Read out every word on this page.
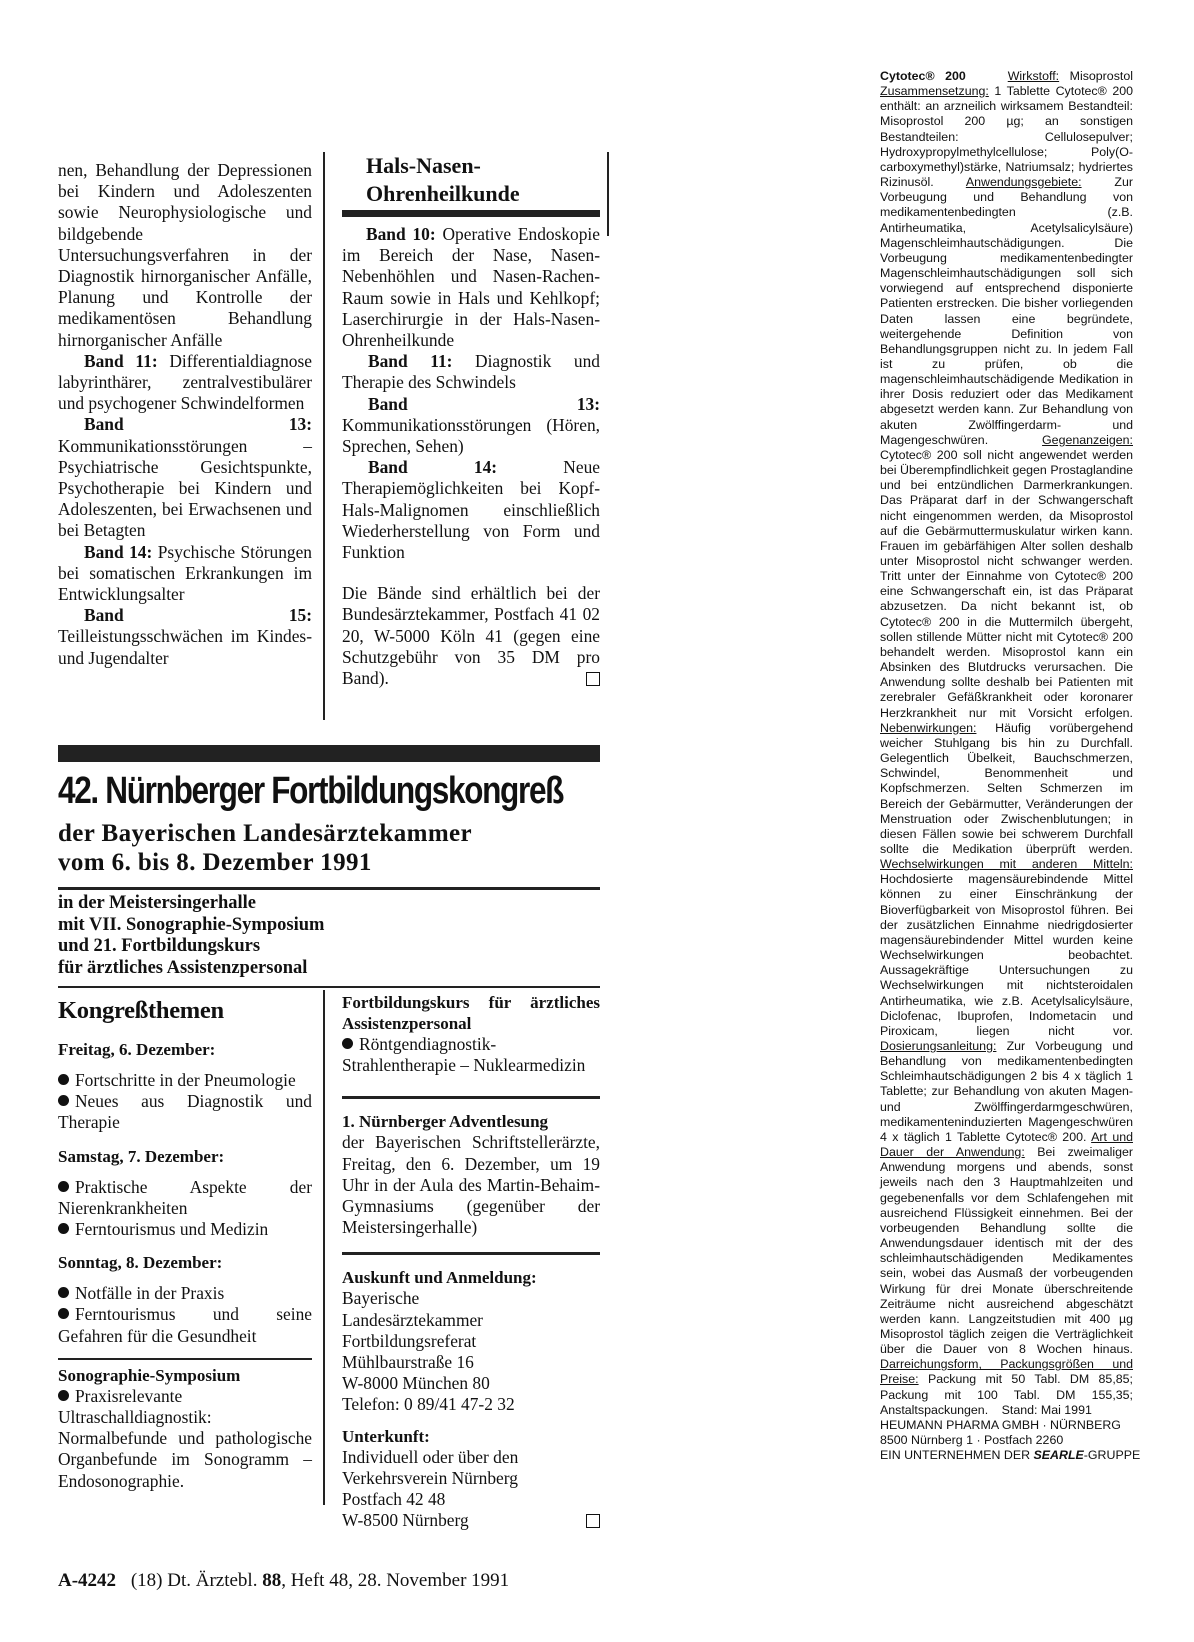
nen, Behandlung der Depressionen bei Kindern und Adoleszenten sowie Neurophysiologische und bildgebende Untersuchungsverfahren in der Diagnostik hirnorganischer Anfälle, Planung und Kontrolle der medikamentösen Behandlung hirnorganischer Anfälle

Band 11: Differentialdiagnose labyrinthärer, zentralvestibulärer und psychogener Schwindelformen

Band 13: Kommunikationsstörungen – Psychiatrische Gesichtspunkte, Psychotherapie bei Kindern und Adoleszenten, bei Erwachsenen und bei Betagten

Band 14: Psychische Störungen bei somatischen Erkrankungen im Entwicklungsalter

Band 15: Teilleistungsschwächen im Kindes- und Jugendalter

Hals-Nasen-
Ohrenheilkunde

Band 10: Operative Endoskopie im Bereich der Nase, Nasen-Nebenhöhlen und Nasen-Rachen-Raum sowie in Hals und Kehlkopf; Laserchirurgie in der Hals-Nasen-Ohrenheilkunde

Band 11: Diagnostik und Therapie des Schwindels

Band 13: Kommunikationsstörungen (Hören, Sprechen, Sehen)

Band 14:	Neue Therapiemöglichkeiten bei Kopf-Hals-Malignomen einschließlich Wiederherstellung von Form und Funktion

Die Bände sind erhältlich bei der Bundesärztekammer, Postfach 41 02 20, W-5000 Köln 41 (gegen eine Schutzgebühr von 35 DM pro Band).

42. Nürnberger Fortbildungskongreß
der Bayerischen Landesärztekammer
vom 6. bis 8. Dezember 1991
in der Meistersingerhalle
mit VII. Sonographie-Symposium
und 21. Fortbildungskurs
für ärztliches Assistenzpersonal
Kongreßthemen
Freitag, 6. Dezember:

Fortschritte in der Pneumologie

Neues aus Diagnostik und Therapie

Samstag, 7. Dezember:

Praktische Aspekte der Nierenkrankheiten

Ferntourismus und Medizin

Sonntag, 8. Dezember:

Notfälle in der Praxis

Ferntourismus und seine Gefahren für die Gesundheit

Sonographie-Symposium

Praxisrelevante Ultraschalldiagnostik: Normalbefunde und pathologische Organbefunde im Sonogramm – Endosonographie.

Fortbildungskurs für ärztliches Assistenzpersonal

Röntgendiagnostik-Strahlentherapie – Nuklearmedizin

1. Nürnberger Adventlesung

der Bayerischen Schriftstellerärzte, Freitag, den 6. Dezember, um 19 Uhr in der Aula des Martin-Behaim-Gymnasiums (gegenüber der Meistersingerhalle)

Auskunft und Anmeldung:
Bayerische
Landesärztekammer
Fortbildungsreferat
Mühlbaurstraße 16
W-8000 München 80
Telefon: 0 89/41 47-2 32
Unterkunft:
Individuell oder über den
Verkehrsverein Nürnberg
Postfach 42 48
W-8500 Nürnberg
A-4242 (18) Dt. Ärztebl. 88, Heft 48, 28. November 1991

Cytotec® 200	Wirkstoff: Misoprostol Zusammensetzung: 1 Tablette Cytotec® 200 enthält: an arzneilich wirksamem Bestandteil: Misoprostol 200 µg; an sonstigen Bestandteilen: Cellulosepulver; Hydroxypropylmethylcellulose; Poly(O-carboxymethyl)stärke, Natriumsalz; hydriertes Rizinusöl.	Anwendungsgebiete:	Zur Vorbeugung und Behandlung von medikamentenbedingten (z.B. Antirheumatika, Acetylsalicylsäure) Magenschleimhautschädigungen. Die Vorbeugung medikamentenbedingter Magenschleimhautschädigungen soll sich vorwiegend auf entsprechend disponierte Patienten erstrecken. Die bisher vorliegenden Daten lassen eine begründete, weitergehende Definition von Behandlungsgruppen nicht zu. In jedem Fall ist zu prüfen, ob die magenschleimhautschädigende Medikation in ihrer Dosis reduziert oder das Medikament abgesetzt werden kann. Zur Behandlung von akuten Zwölffingerdarm- und Magengeschwüren.	Gegenanzeigen: Cytotec® 200 soll nicht angewendet werden bei Überempfindlichkeit gegen Prostaglandine und bei entzündlichen Darmerkrankungen. Das Präparat darf in der Schwangerschaft nicht eingenommen werden, da Misoprostol auf die Gebärmuttermuskulatur wirken kann. Frauen im gebärfähigen Alter sollen deshalb unter Misoprostol nicht schwanger werden. Tritt unter der Einnahme von Cytotec® 200 eine Schwangerschaft ein, ist das Präparat abzusetzen. Da nicht bekannt ist, ob Cytotec® 200 in die Muttermilch übergeht, sollen stillende Mütter nicht mit Cytotec® 200 behandelt werden. Misoprostol kann ein Absinken des Blutdrucks verursachen. Die Anwendung sollte deshalb bei Patienten mit zerebraler Gefäßkrankheit oder koronarer Herzkrankheit nur mit Vorsicht erfolgen. Nebenwirkungen: Häufig vorübergehend weicher Stuhlgang bis hin zu Durchfall. Gelegentlich Übelkeit, Bauchschmerzen, Schwindel, Benommenheit und Kopfschmerzen. Selten Schmerzen im Bereich der Gebärmutter, Veränderungen der Menstruation oder Zwischenblutungen; in diesen Fällen sowie bei schwerem Durchfall sollte die Medikation überprüft werden. Wechselwirkungen mit anderen Mitteln: Hochdosierte magensäurebindende Mittel können zu einer Einschränkung der Bioverfügbarkeit von Misoprostol führen. Bei der zusätzlichen Einnahme niedrigdosierter magensäurebindender Mittel wurden keine Wechselwirkungen beobachtet. Aussagekräftige Untersuchungen zu Wechselwirkungen mit nichtsteroidalen Antirheumatika, wie z.B. Acetylsalicylsäure, Diclofenac, Ibuprofen, Indometacin und Piroxicam, liegen nicht vor. Dosierungsanleitung: Zur Vorbeugung und Behandlung von medikamentenbedingten Schleimhautschädigungen 2 bis 4 x täglich 1 Tablette; zur Behandlung von akuten Magen- und Zwölffingerdarmgeschwüren, medikamenteninduzierten Magengeschwüren 4 x täglich 1 Tablette Cytotec® 200. Art und Dauer der Anwendung: Bei zweimaliger Anwendung morgens und abends, sonst jeweils nach den 3 Hauptmahlzeiten und gegebenenfalls vor dem Schlafengehen mit ausreichend Flüssigkeit einnehmen. Bei der vorbeugenden Behandlung sollte die Anwendungsdauer identisch mit der des schleimhautschädigenden Medikamentes sein, wobei das Ausmaß der vorbeugenden Wirkung für drei Monate überschreitende Zeiträume nicht ausreichend abgeschätzt werden kann. Langzeitstudien mit 400 µg Misoprostol täglich zeigen die Verträglichkeit über die Dauer von 8 Wochen hinaus. Darreichungsform, Packungsgrößen und Preise: Packung mit 50 Tabl. DM 85,85; Packung mit 100 Tabl. DM 155,35; Anstaltspackungen. Stand: Mai 1991

HEUMANN PHARMA GMBH · NÜRNBERG

8500 Nürnberg 1 · Postfach 2260

EIN UNTERNEHMEN DER SEARLE-GRUPPE
